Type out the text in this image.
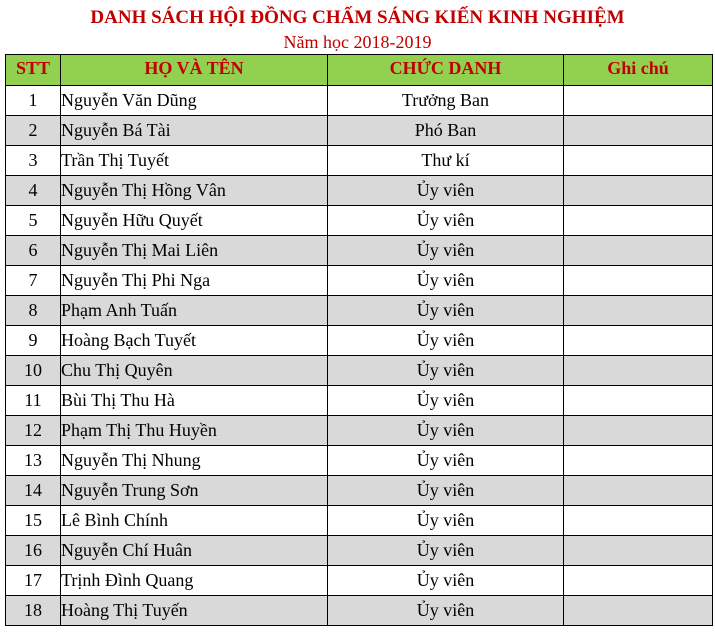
DANH SÁCH HỘI ĐỒNG CHẤM SÁNG KIẾN KINH NGHIỆM
Năm học 2018-2019
STT	HỌ VÀ TÊN	CHỨC DANH	Ghi chú
1	Nguyễn Văn Dũng	Trưởng Ban	
2	Nguyễn Bá Tài	Phó Ban	
3	Trần Thị Tuyết	Thư kí	
4	Nguyễn Thị Hồng Vân	Ủy viên	
5	Nguyễn Hữu Quyết	Ủy viên	
6	Nguyễn Thị Mai Liên	Ủy viên	
7	Nguyễn Thị Phi Nga	Ủy viên	
8	Phạm Anh Tuấn	Ủy viên	
9	Hoàng Bạch Tuyết	Ủy viên	
10	Chu Thị Quyên	Ủy viên	
11	Bùi Thị Thu Hà	Ủy viên	
12	Phạm Thị Thu Huyền	Ủy viên	
13	Nguyễn Thị Nhung	Ủy viên	
14	Nguyễn Trung Sơn	Ủy viên	
15	Lê Bình Chính	Ủy viên	
16	Nguyễn Chí Huân	Ủy viên	
17	Trịnh Đình Quang	Ủy viên	
18	Hoàng Thị Tuyến	Ủy viên	
